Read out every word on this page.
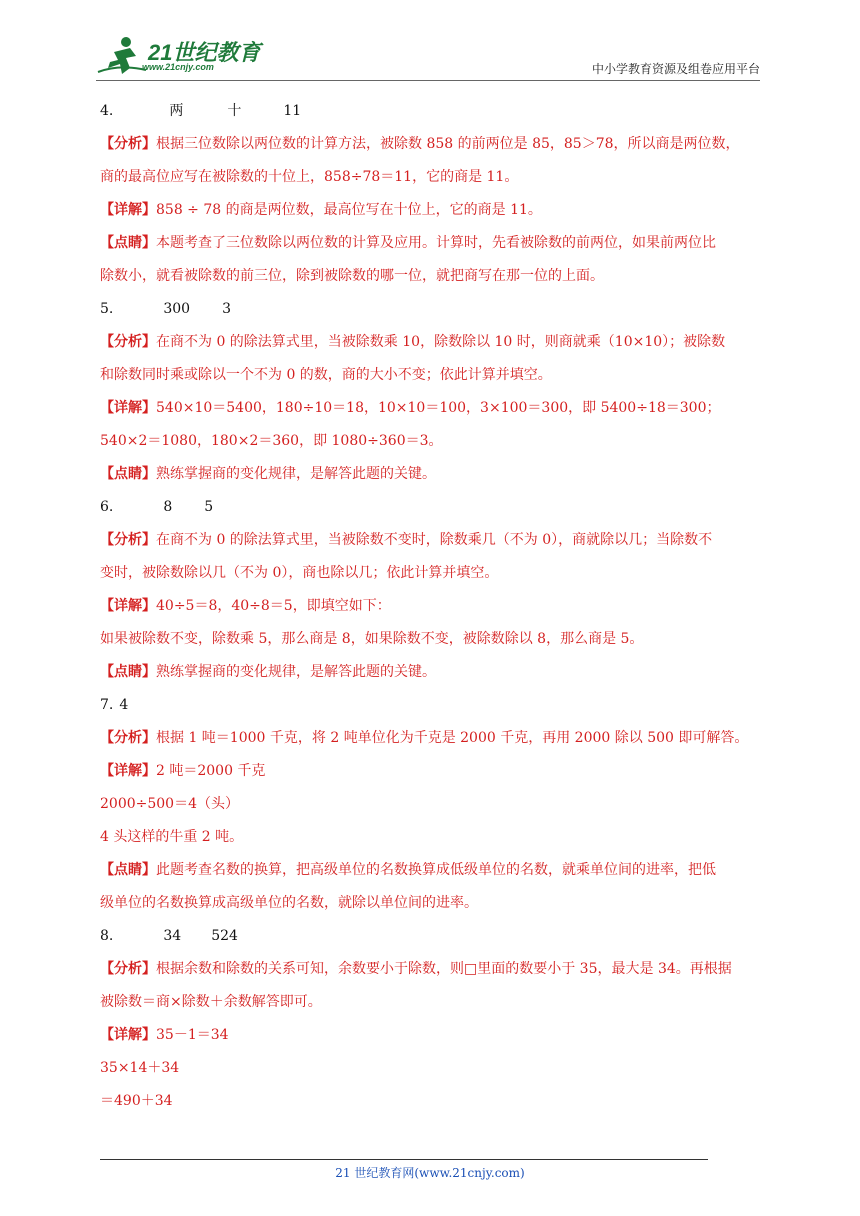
21世纪教育
www.21cnjy.com	中小学教育资源及组卷应用平台

4.	两	十	11

【分析】根据三位数除以两位数的计算方法，被除数 858 的前两位是 85，85＞78，所以商是两位数，

商的最高位应写在被除数的十位上，858÷78＝11，它的商是 11。

【详解】858 ÷ 78 的商是两位数，最高位写在十位上，它的商是 11。

【点睛】本题考查了三位数除以两位数的计算及应用。计算时，先看被除数的前两位，如果前两位比

除数小，就看被除数的前三位，除到被除数的哪一位，就把商写在那一位的上面。

5.	300 3

【分析】在商不为 0 的除法算式里，当被除数乘 10，除数除以 10 时，则商就乘（10×10）；被除数

和除数同时乘或除以一个不为 0 的数，商的大小不变；依此计算并填空。

【详解】540×10＝5400，180÷10＝18，10×10＝100，3×100＝300，即 5400÷18＝300；

540×2＝1080，180×2＝360，即 1080÷360＝3。

【点睛】熟练掌握商的变化规律，是解答此题的关键。

6.	8 5

【分析】在商不为 0 的除法算式里，当被除数不变时，除数乘几（不为 0），商就除以几；当除数不

变时，被除数除以几（不为 0），商也除以几；依此计算并填空。

【详解】40÷5＝8，40÷8＝5，即填空如下：

如果被除数不变，除数乘 5，那么商是 8，如果除数不变，被除数除以 8，那么商是 5。

【点睛】熟练掌握商的变化规律，是解答此题的关键。

7. 4

【分析】根据 1 吨＝1000 千克，将 2 吨单位化为千克是 2000 千克，再用 2000 除以 500 即可解答。

【详解】2 吨＝2000 千克

2000÷500＝4（头）

4 头这样的牛重 2 吨。

【点睛】此题考查名数的换算，把高级单位的名数换算成低级单位的名数，就乘单位间的进率，把低

级单位的名数换算成高级单位的名数，就除以单位间的进率。

8.	34 524

【分析】根据余数和除数的关系可知，余数要小于除数，则□里面的数要小于 35，最大是 34。再根据

被除数＝商×除数＋余数解答即可。

【详解】35－1＝34

35×14＋34

＝490＋34

21 世纪教育网(www.21cnjy.com)
